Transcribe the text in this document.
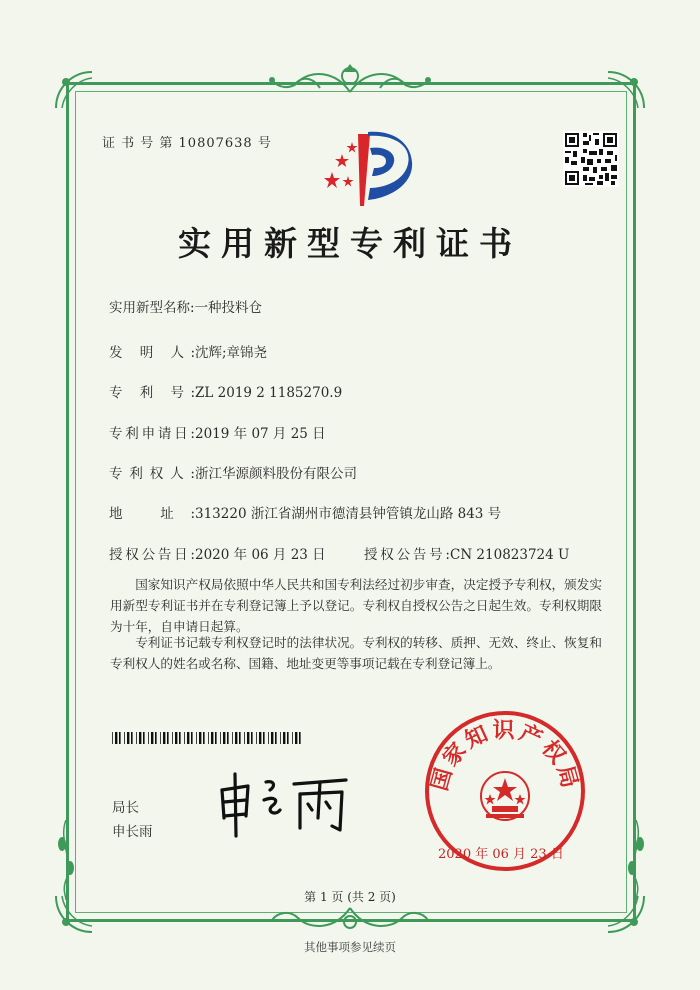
证 书 号 第 10807638 号
实用新型专利证书
实用新型名称:一种投料仓
发 明 人:沈辉;章锦尧
专 利 号:ZL 2019 2 1185270.9
专利申请日:2019 年 07 月 25 日
专利权人:浙江华源颜料股份有限公司
地 址:313220 浙江省湖州市德清县钟管镇龙山路 843 号
授权公告日:2020 年 06 月 23 日	授权公告号:CN 210823724 U
国家知识产权局依照中华人民共和国专利法经过初步审查，决定授予专利权，颁发实用新型专利证书并在专利登记簿上予以登记。专利权自授权公告之日起生效。专利权期限为十年，自申请日起算。
专利证书记载专利权登记时的法律状况。专利权的转移、质押、无效、终止、恢复和专利权人的姓名或名称、国籍、地址变更等事项记载在专利登记簿上。
局长
申长雨
国家知识产权局
2020 年 06 月 23 日
第 1 页 (共 2 页)
其他事项参见续页
